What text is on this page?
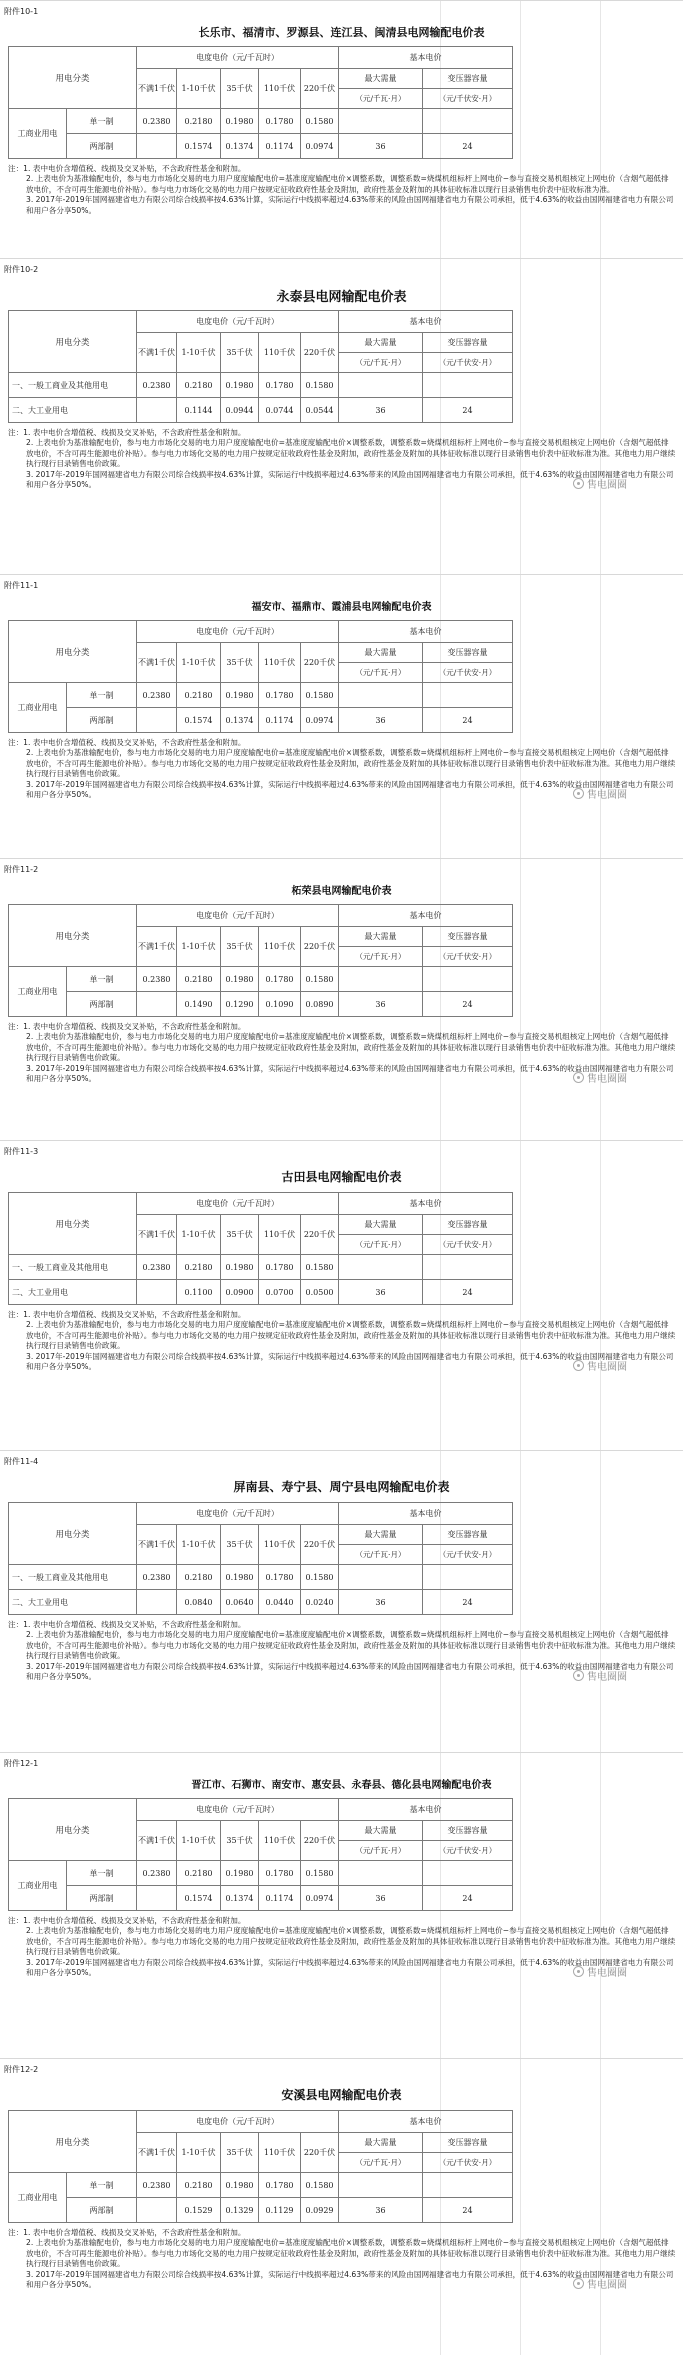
附件10-1
长乐市、福清市、罗源县、连江县、闽清县电网输配电价表
用电分类		电度电价（元/千瓦时）					基本电价	
		不满1千伏	1-10千伏	35千伏	110千伏	220千伏	最大需量	变压器容量
							（元/千瓦·月）	（元/千伏安·月）
工商业用电	单一制	0.2380	0.2180	0.1980	0.1780	0.1580		
	两部制		0.1574	0.1374	0.1174	0.0974	36	24

注：1. 表中电价含增值税、线损及交叉补贴，不含政府性基金和附加。

2. 上表电价为基准输配电价，参与电力市场化交易的电力用户度度输配电价=基准度度输配电价×调整系数，调整系数=烧煤机组标杆上网电价−参与直接交易机组核定上网电价（含烟气超低排放电价，不含可再生能源电价补贴）。参与电力市场化交易的电力用户按规定征收政府性基金及附加，政府性基金及附加的具体征收标准以现行目录销售电价表中征收标准为准。

3. 2017年-2019年国网福建省电力有限公司综合线损率按4.63%计算，实际运行中线损率超过4.63%带来的风险由国网福建省电力有限公司承担，低于4.63%的收益由国网福建省电力有限公司和用户各分享50%。

附件10-2
永泰县电网输配电价表
用电分类	电度电价（元/千瓦时）					基本电价	
	不满1千伏	1-10千伏	35千伏	110千伏	220千伏	最大需量	变压器容量
						（元/千瓦·月）	（元/千伏安·月）
一、一般工商业及其他用电	0.2380	0.2180	0.1980	0.1780	0.1580		
二、大工业用电		0.1144	0.0944	0.0744	0.0544	36	24

注：1. 表中电价含增值税、线损及交叉补贴，不含政府性基金和附加。

2. 上表电价为基准输配电价，参与电力市场化交易的电力用户度度输配电价=基准度度输配电价×调整系数，调整系数=烧煤机组标杆上网电价−参与直接交易机组核定上网电价（含烟气超低排放电价，不含可再生能源电价补贴）。参与电力市场化交易的电力用户按规定征收政府性基金及附加，政府性基金及附加的具体征收标准以现行目录销售电价表中征收标准为准。其他电力用户继续执行现行目录销售电价政策。

3. 2017年-2019年国网福建省电力有限公司综合线损率按4.63%计算，实际运行中线损率超过4.63%带来的风险由国网福建省电力有限公司承担，低于4.63%的收益由国网福建省电力有限公司和用户各分享50%。	售电圈圈
附件11-1
福安市、福鼎市、霞浦县电网输配电价表
用电分类		电度电价（元/千瓦时）					基本电价	
		不满1千伏	1-10千伏	35千伏	110千伏	220千伏	最大需量	变压器容量
							（元/千瓦·月）	（元/千伏安·月）
工商业用电	单一制	0.2380	0.2180	0.1980	0.1780	0.1580		
	两部制		0.1574	0.1374	0.1174	0.0974	36	24

注：1. 表中电价含增值税、线损及交叉补贴，不含政府性基金和附加。

2. 上表电价为基准输配电价，参与电力市场化交易的电力用户度度输配电价=基准度度输配电价×调整系数，调整系数=烧煤机组标杆上网电价−参与直接交易机组核定上网电价（含烟气超低排放电价，不含可再生能源电价补贴）。参与电力市场化交易的电力用户按规定征收政府性基金及附加，政府性基金及附加的具体征收标准以现行目录销售电价表中征收标准为准。其他电力用户继续执行现行目录销售电价政策。

3. 2017年-2019年国网福建省电力有限公司综合线损率按4.63%计算，实际运行中线损率超过4.63%带来的风险由国网福建省电力有限公司承担，低于4.63%的收益由国网福建省电力有限公司和用户各分享50%。	售电圈圈
附件11-2
柘荣县电网输配电价表
用电分类		电度电价（元/千瓦时）					基本电价	
		不满1千伏	1-10千伏	35千伏	110千伏	220千伏	最大需量	变压器容量
							（元/千瓦·月）	（元/千伏安·月）
工商业用电	单一制	0.2380	0.2180	0.1980	0.1780	0.1580		
	两部制		0.1490	0.1290	0.1090	0.0890	36	24

注：1. 表中电价含增值税、线损及交叉补贴，不含政府性基金和附加。

2. 上表电价为基准输配电价，参与电力市场化交易的电力用户度度输配电价=基准度度输配电价×调整系数，调整系数=烧煤机组标杆上网电价−参与直接交易机组核定上网电价（含烟气超低排放电价，不含可再生能源电价补贴）。参与电力市场化交易的电力用户按规定征收政府性基金及附加，政府性基金及附加的具体征收标准以现行目录销售电价表中征收标准为准。其他电力用户继续执行现行目录销售电价政策。

3. 2017年-2019年国网福建省电力有限公司综合线损率按4.63%计算，实际运行中线损率超过4.63%带来的风险由国网福建省电力有限公司承担，低于4.63%的收益由国网福建省电力有限公司和用户各分享50%。	售电圈圈
附件11-3
古田县电网输配电价表
用电分类	电度电价（元/千瓦时）					基本电价	
	不满1千伏	1-10千伏	35千伏	110千伏	220千伏	最大需量	变压器容量
						（元/千瓦·月）	（元/千伏安·月）
一、一般工商业及其他用电	0.2380	0.2180	0.1980	0.1780	0.1580		
二、大工业用电		0.1100	0.0900	0.0700	0.0500	36	24

注：1. 表中电价含增值税、线损及交叉补贴，不含政府性基金和附加。

2. 上表电价为基准输配电价，参与电力市场化交易的电力用户度度输配电价=基准度度输配电价×调整系数，调整系数=烧煤机组标杆上网电价−参与直接交易机组核定上网电价（含烟气超低排放电价，不含可再生能源电价补贴）。参与电力市场化交易的电力用户按规定征收政府性基金及附加，政府性基金及附加的具体征收标准以现行目录销售电价表中征收标准为准。其他电力用户继续执行现行目录销售电价政策。

3. 2017年-2019年国网福建省电力有限公司综合线损率按4.63%计算，实际运行中线损率超过4.63%带来的风险由国网福建省电力有限公司承担，低于4.63%的收益由国网福建省电力有限公司和用户各分享50%。	售电圈圈
附件11-4
屏南县、寿宁县、周宁县电网输配电价表
用电分类	电度电价（元/千瓦时）					基本电价	
	不满1千伏	1-10千伏	35千伏	110千伏	220千伏	最大需量	变压器容量
						（元/千瓦·月）	（元/千伏安·月）
一、一般工商业及其他用电	0.2380	0.2180	0.1980	0.1780	0.1580		
二、大工业用电		0.0840	0.0640	0.0440	0.0240	36	24

注：1. 表中电价含增值税、线损及交叉补贴，不含政府性基金和附加。

2. 上表电价为基准输配电价，参与电力市场化交易的电力用户度度输配电价=基准度度输配电价×调整系数，调整系数=烧煤机组标杆上网电价−参与直接交易机组核定上网电价（含烟气超低排放电价，不含可再生能源电价补贴）。参与电力市场化交易的电力用户按规定征收政府性基金及附加，政府性基金及附加的具体征收标准以现行目录销售电价表中征收标准为准。其他电力用户继续执行现行目录销售电价政策。

3. 2017年-2019年国网福建省电力有限公司综合线损率按4.63%计算，实际运行中线损率超过4.63%带来的风险由国网福建省电力有限公司承担，低于4.63%的收益由国网福建省电力有限公司和用户各分享50%。	售电圈圈
附件12-1
晋江市、石狮市、南安市、惠安县、永春县、德化县电网输配电价表
用电分类		电度电价（元/千瓦时）					基本电价	
		不满1千伏	1-10千伏	35千伏	110千伏	220千伏	最大需量	变压器容量
							（元/千瓦·月）	（元/千伏安·月）
工商业用电	单一制	0.2380	0.2180	0.1980	0.1780	0.1580		
	两部制		0.1574	0.1374	0.1174	0.0974	36	24

注：1. 表中电价含增值税、线损及交叉补贴，不含政府性基金和附加。

2. 上表电价为基准输配电价，参与电力市场化交易的电力用户度度输配电价=基准度度输配电价×调整系数，调整系数=烧煤机组标杆上网电价−参与直接交易机组核定上网电价（含烟气超低排放电价，不含可再生能源电价补贴）。参与电力市场化交易的电力用户按规定征收政府性基金及附加，政府性基金及附加的具体征收标准以现行目录销售电价表中征收标准为准。其他电力用户继续执行现行目录销售电价政策。

3. 2017年-2019年国网福建省电力有限公司综合线损率按4.63%计算，实际运行中线损率超过4.63%带来的风险由国网福建省电力有限公司承担，低于4.63%的收益由国网福建省电力有限公司和用户各分享50%。	售电圈圈
附件12-2
安溪县电网输配电价表
用电分类		电度电价（元/千瓦时）					基本电价	
		不满1千伏	1-10千伏	35千伏	110千伏	220千伏	最大需量	变压器容量
							（元/千瓦·月）	（元/千伏安·月）
工商业用电	单一制	0.2380	0.2180	0.1980	0.1780	0.1580		
	两部制		0.1529	0.1329	0.1129	0.0929	36	24

注：1. 表中电价含增值税、线损及交叉补贴，不含政府性基金和附加。

2. 上表电价为基准输配电价，参与电力市场化交易的电力用户度度输配电价=基准度度输配电价×调整系数，调整系数=烧煤机组标杆上网电价−参与直接交易机组核定上网电价（含烟气超低排放电价，不含可再生能源电价补贴）。参与电力市场化交易的电力用户按规定征收政府性基金及附加，政府性基金及附加的具体征收标准以现行目录销售电价表中征收标准为准。其他电力用户继续执行现行目录销售电价政策。

3. 2017年-2019年国网福建省电力有限公司综合线损率按4.63%计算，实际运行中线损率超过4.63%带来的风险由国网福建省电力有限公司承担，低于4.63%的收益由国网福建省电力有限公司和用户各分享50%。	售电圈圈
